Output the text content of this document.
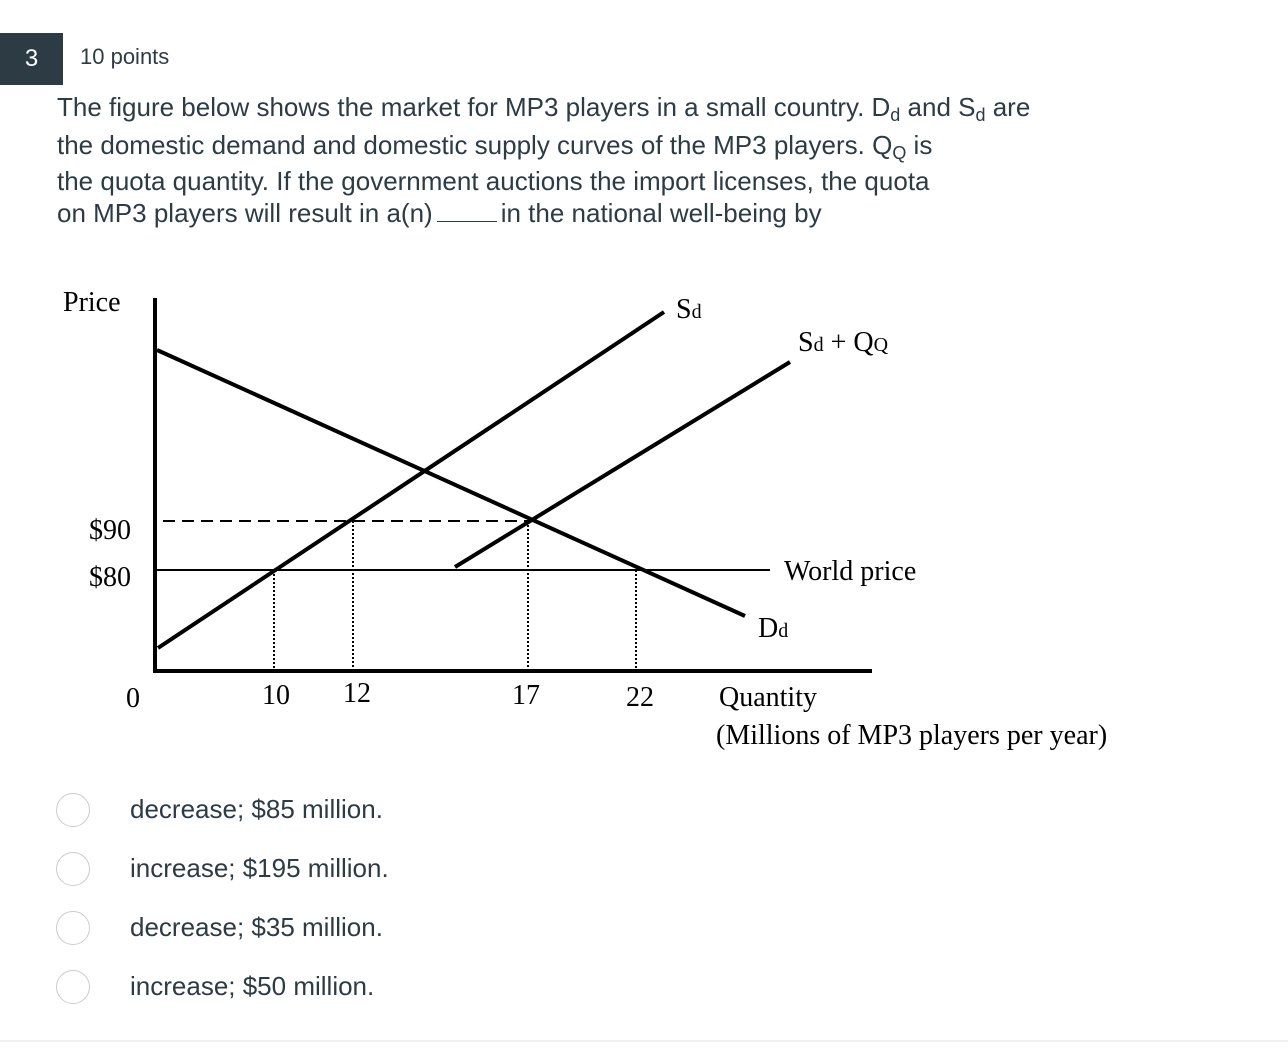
3	10 points

The figure below shows the market for MP3 players in a small country. $D_d$ and $S_d$ are

the domestic demand and domestic supply curves of the MP3 players. $Q_Q$ is

the quota quantity. If the government auctions the import licenses, the quota

on MP3 players will result in a(n)	in the national well-being by

Price
Quantity
(Millions of MP3 players per year)
$90
$80
0	10 12	17	22
Sd
Sd + QQ
World price
Dd
decrease; $85 million.
increase; $195 million.
decrease; $35 million.
increase; $50 million.
